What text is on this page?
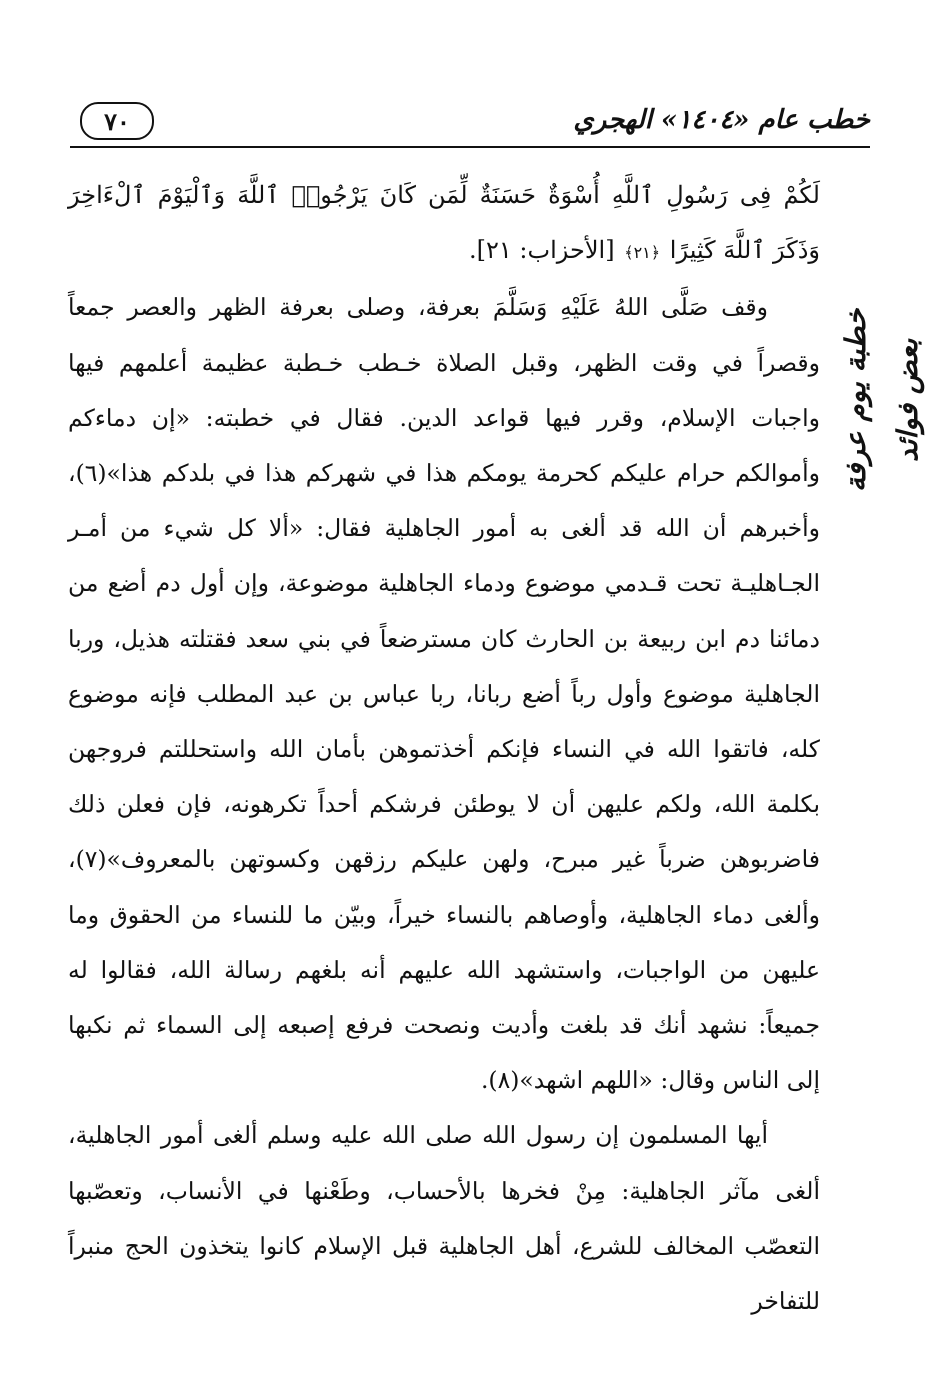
٧٠	خطب عام «١٤٠٤» الهجري
خطبة يوم عرفة بعض فوائد

لَكُمْ فِى رَسُولِ ٱللَّهِ أُسْوَةٌ حَسَنَةٌ لِّمَن كَانَ يَرْجُوا۟ ٱللَّهَ وَٱلْيَوْمَ ٱلْءَاخِرَ وَذَكَرَ ٱللَّهَ كَثِيرًا ﴿٢١﴾ [الأحزاب: ٢١].

وقف صَلَّى اللهُ عَلَيْهِ وَسَلَّمَ بعرفة، وصلى بعرفة الظهر والعصر جمعاً وقصراً في وقت الظهر، وقبل الصلاة خـطب خـطبة عظيمة أعلمهم فيها واجبات الإسلام، وقرر فيها قواعد الدين. فقال في خطبته: «إن دماءكم وأموالكم حرام عليكم كحرمة يومكم هذا في شهركم هذا في بلدكم هذا»(٦)، وأخبرهم أن الله قد ألغى به أمور الجاهلية فقال: «ألا كل شيء من أمـر الجـاهليـة تحت قـدمي موضوع ودماء الجاهلية موضوعة، وإن أول دم أضع من دمائنا دم ابن ربيعة بن الحارث كان مسترضعاً في بني سعد فقتلته هذيل، وربا الجاهلية موضوع وأول رباً أضع ربانا، ربا عباس بن عبد المطلب فإنه موضوع كله، فاتقوا الله في النساء فإنكم أخذتموهن بأمان الله واستحللتم فروجهن بكلمة الله، ولكم عليهن أن لا يوطئن فرشكم أحداً تكرهونه، فإن فعلن ذلك فاضربوهن ضرباً غير مبرح، ولهن عليكم رزقهن وكسوتهن بالمعروف»(٧)، وألغى دماء الجاهلية، وأوصاهم بالنساء خيراً، وبيّن ما للنساء من الحقوق وما عليهن من الواجبات، واستشهد الله عليهم أنه بلغهم رسالة الله، فقالوا له جميعاً: نشهد أنك قد بلغت وأديت ونصحت فرفع إصبعه إلى السماء ثم نكبها إلى الناس وقال: «اللهم اشهد»(٨).

أيها المسلمون إن رسول الله صلى الله عليه وسلم ألغى أمور الجاهلية، ألغى مآثر الجاهلية: مِنْ فخرها بالأحساب، وطَعْنها في الأنساب، وتعصّبها التعصّب المخالف للشرع، أهل الجاهلية قبل الإسلام كانوا يتخذون الحج منبراً للتفاخر
